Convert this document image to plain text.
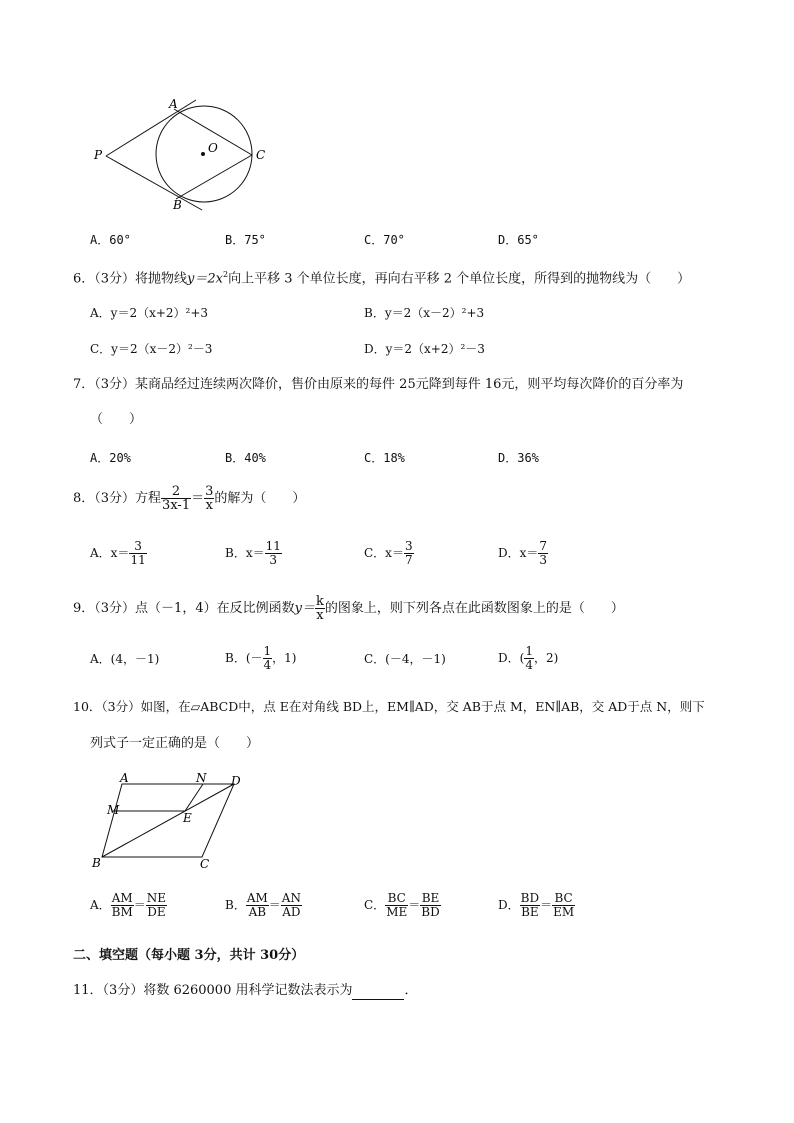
A
O
P	C
B
A．60°	B．75°	C．70°	D．65°
6．（3分）将抛物线$y=2x^2$向上平移 3 个单位长度，再向右平移 2 个单位长度，所得到的抛物线为（　　）
A．y＝2（x+2）²+3	B．y＝2（x－2）²+3
C．y＝2（x－2）²－3	D．y＝2（x+2）²－3
7．（3分）某商品经过连续两次降价，售价由原来的每件 25元降到每件 16元，则平均每次降价的百分率为
（　　）
A．20%	B．40%	C．18%	D．36%
8．（3分）方程 $\frac{2}{3x-1} = \frac{3}{x}$ 的解为（　　）
A．$x= \frac{3}{11}$	B．$x= \frac{11}{3}$	C．$x= \frac{3}{7}$	D．$x= \frac{7}{3}$
9．（3分）点（－1，4）在反比例函数$y= \frac{k}{x}$ 的图象上，则下列各点在此函数图象上的是（　　）
A．(4，－1)	B．(－ $\frac{1}{4}$ ，1)	C．(－4，－1)	D．( $\frac{1}{4}$ ，2)
10．（3分）如图，在▱ABCD中，点 E在对角线 BD上，EM∥AD，交 AB于点 M，EN∥AB，交 AD于点 N，则下
列式子一定正确的是（　　）
A	N D
M
E
B	C
A． $\frac{AM}{BM} = \frac{NE}{DE}$	B． $\frac{AM}{AB} = \frac{AN}{AD}$	C． $\frac{BC}{ME} = \frac{BE}{BD}$	D． $\frac{BD}{BE} = \frac{BC}{EM}$
二、填空题（每小题 3分，共计 30分）
11．（3分）将数 6260000 用科学记数法表示为	．
